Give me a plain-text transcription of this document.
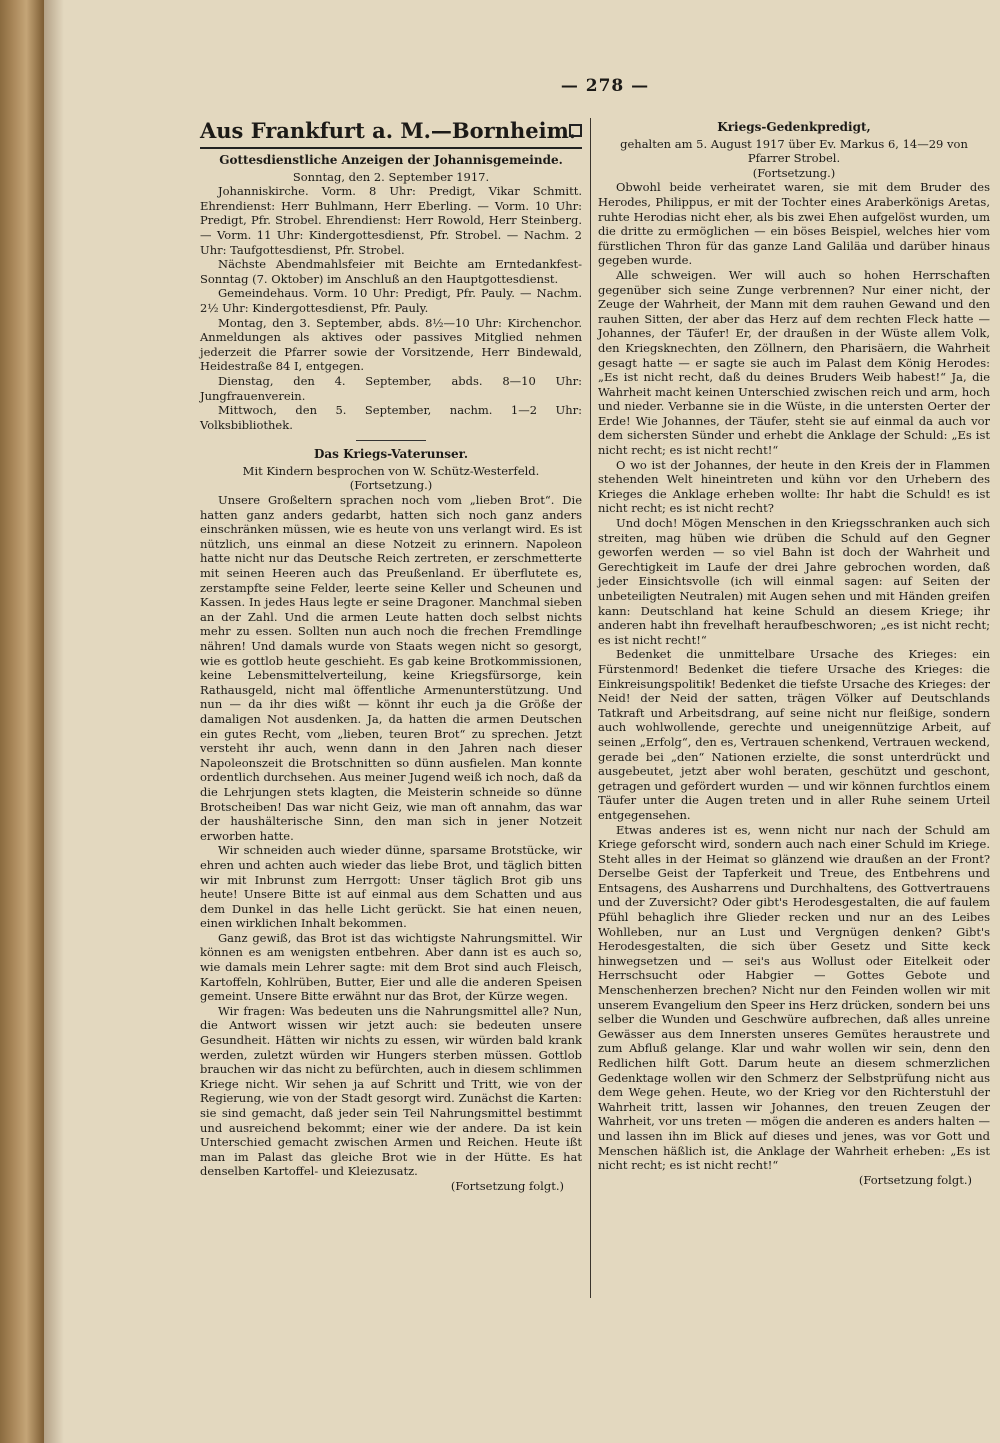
— 278 —
Aus Frankfurt a. M.—Bornheim.
Gottesdienstliche Anzeigen der Johannisgemeinde.
Sonntag, den 2. September 1917.

Johanniskirche. Vorm. 8 Uhr: Predigt, Vikar Schmitt. Ehrendienst: Herr Buhlmann, Herr Eberling. — Vorm. 10 Uhr: Predigt, Pfr. Strobel. Ehrendienst: Herr Rowold, Herr Steinberg. — Vorm. 11 Uhr: Kindergottesdienst, Pfr. Strobel. — Nachm. 2 Uhr: Taufgottesdienst, Pfr. Strobel.

Nächste Abendmahlsfeier mit Beichte am Erntedankfest-Sonntag (7. Oktober) im Anschluß an den Hauptgottesdienst.

Gemeindehaus. Vorm. 10 Uhr: Predigt, Pfr. Pauly. — Nachm. 2½ Uhr: Kindergottesdienst, Pfr. Pauly.

Montag, den 3. September, abds. 8½—10 Uhr: Kirchenchor. Anmeldungen als aktives oder passives Mitglied nehmen jederzeit die Pfarrer sowie der Vorsitzende, Herr Bindewald, Heidestraße 84 I, entgegen.

Dienstag, den 4. September, abds. 8—10 Uhr: Jungfrauenverein.

Mittwoch, den 5. September, nachm. 1—2 Uhr: Volksbibliothek.

Das Kriegs-Vaterunser.
Mit Kindern besprochen von W. Schütz-Westerfeld.
(Fortsetzung.)

Unsere Großeltern sprachen noch vom „lieben Brot“. Die hatten ganz anders gedarbt, hatten sich noch ganz anders einschränken müssen, wie es heute von uns verlangt wird. Es ist nützlich, uns einmal an diese Notzeit zu erinnern. Napoleon hatte nicht nur das Deutsche Reich zertreten, er zerschmetterte mit seinen Heeren auch das Preußenland. Er überflutete es, zerstampfte seine Felder, leerte seine Keller und Scheunen und Kassen. In jedes Haus legte er seine Dragoner. Manchmal sieben an der Zahl. Und die armen Leute hatten doch selbst nichts mehr zu essen. Sollten nun auch noch die frechen Fremdlinge nähren! Und damals wurde von Staats wegen nicht so gesorgt, wie es gottlob heute geschieht. Es gab keine Brotkommissionen, keine Lebensmittelverteilung, keine Kriegsfürsorge, kein Rathausgeld, nicht mal öffentliche Armenunterstützung. Und nun — da ihr dies wißt — könnt ihr euch ja die Größe der damaligen Not ausdenken. Ja, da hatten die armen Deutschen ein gutes Recht, vom „lieben, teuren Brot“ zu sprechen. Jetzt versteht ihr auch, wenn dann in den Jahren nach dieser Napoleonszeit die Brotschnitten so dünn ausfielen. Man konnte ordentlich durchsehen. Aus meiner Jugend weiß ich noch, daß da die Lehrjungen stets klagten, die Meisterin schneide so dünne Brotscheiben! Das war nicht Geiz, wie man oft annahm, das war der haushälterische Sinn, den man sich in jener Notzeit erworben hatte.

Wir schneiden auch wieder dünne, sparsame Brotstücke, wir ehren und achten auch wieder das liebe Brot, und täglich bitten wir mit Inbrunst zum Herrgott: Unser täglich Brot gib uns heute! Unsere Bitte ist auf einmal aus dem Schatten und aus dem Dunkel in das helle Licht gerückt. Sie hat einen neuen, einen wirklichen Inhalt bekommen.

Ganz gewiß, das Brot ist das wichtigste Nahrungsmittel. Wir können es am wenigsten entbehren. Aber dann ist es auch so, wie damals mein Lehrer sagte: mit dem Brot sind auch Fleisch, Kartoffeln, Kohlrüben, Butter, Eier und alle die anderen Speisen gemeint. Unsere Bitte erwähnt nur das Brot, der Kürze wegen.

Wir fragen: Was bedeuten uns die Nahrungsmittel alle? Nun, die Antwort wissen wir jetzt auch: sie bedeuten unsere Gesundheit. Hätten wir nichts zu essen, wir würden bald krank werden, zuletzt würden wir Hungers sterben müssen. Gottlob brauchen wir das nicht zu befürchten, auch in diesem schlimmen Kriege nicht. Wir sehen ja auf Schritt und Tritt, wie von der Regierung, wie von der Stadt gesorgt wird. Zunächst die Karten: sie sind gemacht, daß jeder sein Teil Nahrungsmittel bestimmt und ausreichend bekommt; einer wie der andere. Da ist kein Unterschied gemacht zwischen Armen und Reichen. Heute ißt man im Palast das gleiche Brot wie in der Hütte. Es hat denselben Kartoffel- und Kleiezusatz.

(Fortsetzung folgt.)
Kriegs-Gedenkpredigt,
gehalten am 5. August 1917 über Ev. Markus 6, 14—29 von Pfarrer Strobel.
(Fortsetzung.)

Obwohl beide verheiratet waren, sie mit dem Bruder des Herodes, Philippus, er mit der Tochter eines Araberkönigs Aretas, ruhte Herodias nicht eher, als bis zwei Ehen aufgelöst wurden, um die dritte zu ermöglichen — ein böses Beispiel, welches hier vom fürstlichen Thron für das ganze Land Galiläa und darüber hinaus gegeben wurde.

Alle schweigen. Wer will auch so hohen Herrschaften gegenüber sich seine Zunge verbrennen? Nur einer nicht, der Zeuge der Wahrheit, der Mann mit dem rauhen Gewand und den rauhen Sitten, der aber das Herz auf dem rechten Fleck hatte — Johannes, der Täufer! Er, der draußen in der Wüste allem Volk, den Kriegsknechten, den Zöllnern, den Pharisäern, die Wahrheit gesagt hatte — er sagte sie auch im Palast dem König Herodes: „Es ist nicht recht, daß du deines Bruders Weib habest!“ Ja, die Wahrheit macht keinen Unterschied zwischen reich und arm, hoch und nieder. Verbanne sie in die Wüste, in die untersten Oerter der Erde! Wie Johannes, der Täufer, steht sie auf einmal da auch vor dem sichersten Sünder und erhebt die Anklage der Schuld: „Es ist nicht recht; es ist nicht recht!“

O wo ist der Johannes, der heute in den Kreis der in Flammen stehenden Welt hineintreten und kühn vor den Urhebern des Krieges die Anklage erheben wollte: Ihr habt die Schuld! es ist nicht recht; es ist nicht recht?

Und doch! Mögen Menschen in den Kriegsschranken auch sich streiten, mag hüben wie drüben die Schuld auf den Gegner geworfen werden — so viel Bahn ist doch der Wahrheit und Gerechtigkeit im Laufe der drei Jahre gebrochen worden, daß jeder Einsichtsvolle (ich will einmal sagen: auf Seiten der unbeteiligten Neutralen) mit Augen sehen und mit Händen greifen kann: Deutschland hat keine Schuld an diesem Kriege; ihr anderen habt ihn frevelhaft heraufbeschworen; „es ist nicht recht; es ist nicht recht!“

Bedenket die unmittelbare Ursache des Krieges: ein Fürstenmord! Bedenket die tiefere Ursache des Krieges: die Einkreisungspolitik! Bedenket die tiefste Ursache des Krieges: der Neid! der Neid der satten, trägen Völker auf Deutschlands Tatkraft und Arbeitsdrang, auf seine nicht nur fleißige, sondern auch wohlwollende, gerechte und uneigennützige Arbeit, auf seinen „Erfolg“, den es, Vertrauen schenkend, Vertrauen weckend, gerade bei „den“ Nationen erzielte, die sonst unterdrückt und ausgebeutet, jetzt aber wohl beraten, geschützt und geschont, getragen und gefördert wurden — und wir können furchtlos einem Täufer unter die Augen treten und in aller Ruhe seinem Urteil entgegensehen.

Etwas anderes ist es, wenn nicht nur nach der Schuld am Kriege geforscht wird, sondern auch nach einer Schuld im Kriege. Steht alles in der Heimat so glänzend wie draußen an der Front? Derselbe Geist der Tapferkeit und Treue, des Entbehrens und Entsagens, des Ausharrens und Durchhaltens, des Gottvertrauens und der Zuversicht? Oder gibt's Herodesgestalten, die auf faulem Pfühl behaglich ihre Glieder recken und nur an des Leibes Wohlleben, nur an Lust und Vergnügen denken? Gibt's Herodesgestalten, die sich über Gesetz und Sitte keck hinwegsetzen und — sei's aus Wollust oder Eitelkeit oder Herrschsucht oder Habgier — Gottes Gebote und Menschenherzen brechen? Nicht nur den Feinden wollen wir mit unserem Evangelium den Speer ins Herz drücken, sondern bei uns selber die Wunden und Geschwüre aufbrechen, daß alles unreine Gewässer aus dem Innersten unseres Gemütes heraustrete und zum Abfluß gelange. Klar und wahr wollen wir sein, denn den Redlichen hilft Gott. Darum heute an diesem schmerzlichen Gedenktage wollen wir den Schmerz der Selbstprüfung nicht aus dem Wege gehen. Heute, wo der Krieg vor den Richterstuhl der Wahrheit tritt, lassen wir Johannes, den treuen Zeugen der Wahrheit, vor uns treten — mögen die anderen es anders halten — und lassen ihn im Blick auf dieses und jenes, was vor Gott und Menschen häßlich ist, die Anklage der Wahrheit erheben: „Es ist nicht recht; es ist nicht recht!“

(Fortsetzung folgt.)
